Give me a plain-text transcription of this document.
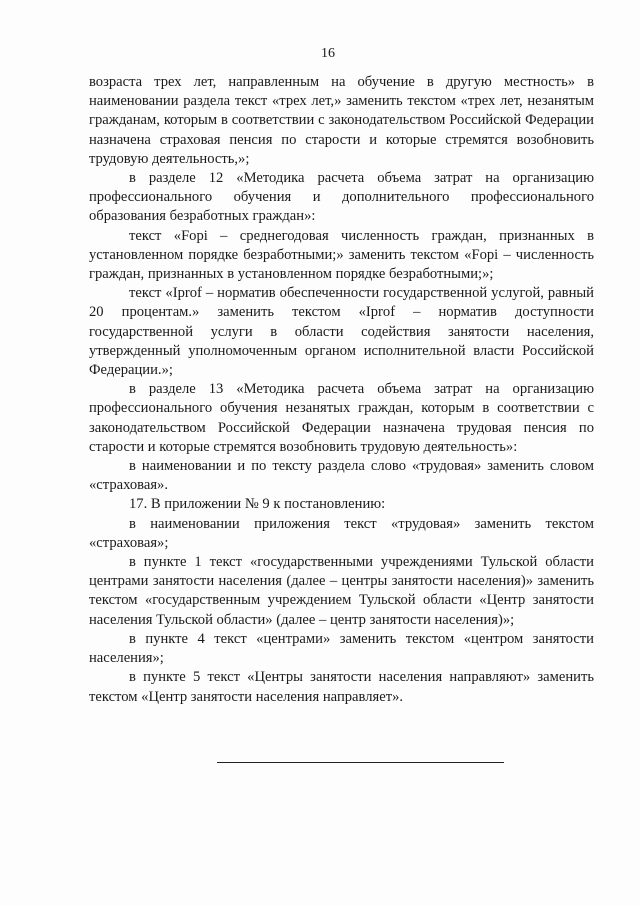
16

возраста трех лет, направленным на обучение в другую местность» в наименовании раздела текст «трех лет,» заменить текстом «трех лет, незанятым гражданам, которым в соответствии с законодательством Российской Федерации назначена страховая пенсия по старости и которые стремятся возобновить трудовую деятельность,»;

в разделе 12 «Методика расчета объема затрат на организацию профессионального обучения и дополнительного профессионального образования безработных граждан»:

текст «Fopi – среднегодовая численность граждан, признанных в установленном порядке безработными;» заменить текстом «Fopi – численность граждан, признанных в установленном порядке безработными;»;

текст «Iprof – норматив обеспеченности государственной услугой, равный 20 процентам.» заменить текстом «Iprof – норматив доступности государственной услуги в области содействия занятости населения, утвержденный уполномоченным органом исполнительной власти Российской Федерации.»;

в разделе 13 «Методика расчета объема затрат на организацию профессионального обучения незанятых граждан, которым в соответствии с законодательством Российской Федерации назначена трудовая пенсия по старости и которые стремятся возобновить трудовую деятельность»:

в наименовании и по тексту раздела слово «трудовая» заменить словом «страховая».

17. В приложении № 9 к постановлению:

в наименовании приложения текст «трудовая» заменить текстом «страховая»;

в пункте 1 текст «государственными учреждениями Тульской области центрами занятости населения (далее – центры занятости населения)» заменить текстом «государственным учреждением Тульской области «Центр занятости населения Тульской области» (далее – центр занятости населения)»;

в пункте 4 текст «центрами» заменить текстом «центром занятости населения»;

в пункте 5 текст «Центры занятости населения направляют» заменить текстом «Центр занятости населения направляет».
